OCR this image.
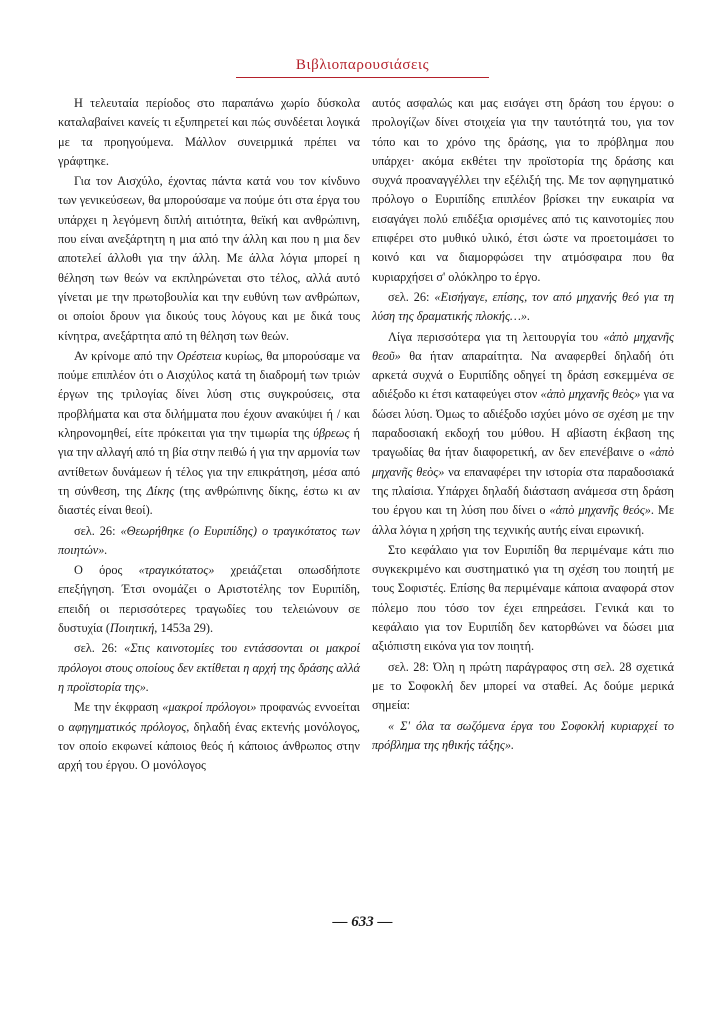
Βιβλιοπαρουσιάσεις

Η τελευταία περίοδος στο παραπάνω χωρίο δύσκολα καταλαβαίνει κανείς τι εξυπηρετεί και πώς συνδέεται λογικά με τα προηγούμενα. Μάλλον συνειρμικά πρέπει να γράφτηκε.

Για τον Αισχύλο, έχοντας πάντα κατά νου τον κίνδυνο των γενικεύσεων, θα μπορούσαμε να πούμε ότι στα έργα του υπάρχει η λεγόμενη διπλή αιτιότητα, θεϊκή και ανθρώπινη, που είναι ανεξάρτητη η μια από την άλλη και που η μια δεν αποτελεί άλλοθι για την άλλη. Με άλλα λόγια μπορεί η θέληση των θεών να εκπληρώνεται στο τέλος, αλλά αυτό γίνεται με την πρωτοβουλία και την ευθύνη των ανθρώπων, οι οποίοι δρουν για δικούς τους λόγους και με δικά τους κίνητρα, ανεξάρτητα από τη θέληση των θεών.

Αν κρίνομε από την Ορέστεια κυρίως, θα μπορούσαμε να πούμε επιπλέον ότι ο Αισχύλος κατά τη διαδρομή των τριών έργων της τριλογίας δίνει λύση στις συγκρούσεις, στα προβλήματα και στα διλήμματα που έχουν ανακύψει ή / και κληρονομηθεί, είτε πρόκειται για την τιμωρία της ύβρεως ή για την αλλαγή από τη βία στην πειθώ ή για την αρμονία των αντίθετων δυνάμεων ή τέλος για την επικράτηση, μέσα από τη σύνθεση, της Δίκης (της ανθρώπινης δίκης, έστω κι αν διαστές είναι θεοί).

σελ. 26: «Θεωρήθηκε (ο Ευριπίδης) ο τραγικότατος των ποιητών».

Ο όρος «τραγικότατος» χρειάζεται οπωσδήποτε επεξήγηση. Έτσι ονομάζει ο Αριστοτέλης τον Ευριπίδη, επειδή οι περισσότερες τραγωδίες του τελειώνουν σε δυστυχία (Ποιητική, 1453a 29).

σελ. 26: «Στις καινοτομίες του εντάσσονται οι μακροί πρόλογοι στους οποίους δεν εκτίθεται η αρχή της δράσης αλλά η προϊστορία της».

Με την έκφραση «μακροί πρόλογοι» προφανώς εννοείται ο αφηγηματικός πρόλογος, δηλαδή ένας εκτενής μονόλογος, τον οποίο εκφωνεί κάποιος θεός ή κάποιος άνθρωπος στην αρχή του έργου. Ο μονόλογος

αυτός ασφαλώς και μας εισάγει στη δράση του έργου: ο προλογίζων δίνει στοιχεία για την ταυτότητά του, για τον τόπο και το χρόνο της δράσης, για το πρόβλημα που υπάρχει· ακόμα εκθέτει την προϊστορία της δράσης και συχνά προαναγγέλλει την εξέλιξή της. Με τον αφηγηματικό πρόλογο ο Ευριπίδης επιπλέον βρίσκει την ευκαιρία να εισαγάγει πολύ επιδέξια ορισμένες από τις καινοτομίες που επιφέρει στο μυθικό υλικό, έτσι ώστε να προετοιμάσει το κοινό και να διαμορφώσει την ατμόσφαιρα που θα κυριαρχήσει σ' ολόκληρο το έργο.

σελ. 26: «Εισήγαγε, επίσης, τον από μηχανής θεό για τη λύση της δραματικής πλοκής…».

Λίγα περισσότερα για τη λειτουργία του «ἀπὸ μηχανῆς θεοῦ» θα ήταν απαραίτητα. Να αναφερθεί δηλαδή ότι αρκετά συχνά ο Ευριπίδης οδηγεί τη δράση εσκεμμένα σε αδιέξοδο κι έτσι καταφεύγει στον «ἀπὸ μηχανῆς θεὸς» για να δώσει λύση. Όμως το αδιέξοδο ισχύει μόνο σε σχέση με την παραδοσιακή εκδοχή του μύθου. Η αβίαστη έκβαση της τραγωδίας θα ήταν διαφορετική, αν δεν επενέβαινε ο «ἀπὸ μηχανῆς θεὸς» να επαναφέρει την ιστορία στα παραδοσιακά της πλαίσια. Υπάρχει δηλαδή διάσταση ανάμεσα στη δράση του έργου και τη λύση που δίνει ο «ἀπὸ μηχανῆς θεός». Με άλλα λόγια η χρήση της τεχνικής αυτής είναι ειρωνική.

Στο κεφάλαιο για τον Ευριπίδη θα περιμέναμε κάτι πιο συγκεκριμένο και συστηματικό για τη σχέση του ποιητή με τους Σοφιστές. Επίσης θα περιμέναμε κάποια αναφορά στον πόλεμο που τόσο τον έχει επηρεάσει. Γενικά και το κεφάλαιο για τον Ευριπίδη δεν κατορθώνει να δώσει μια αξιόπιστη εικόνα για τον ποιητή.

σελ. 28: Όλη η πρώτη παράγραφος στη σελ. 28 σχετικά με το Σοφοκλή δεν μπορεί να σταθεί. Ας δούμε μερικά σημεία:

« Σ' όλα τα σωζόμενα έργα του Σοφοκλή κυριαρχεί το πρόβλημα της ηθικής τάξης».

— 633 —
